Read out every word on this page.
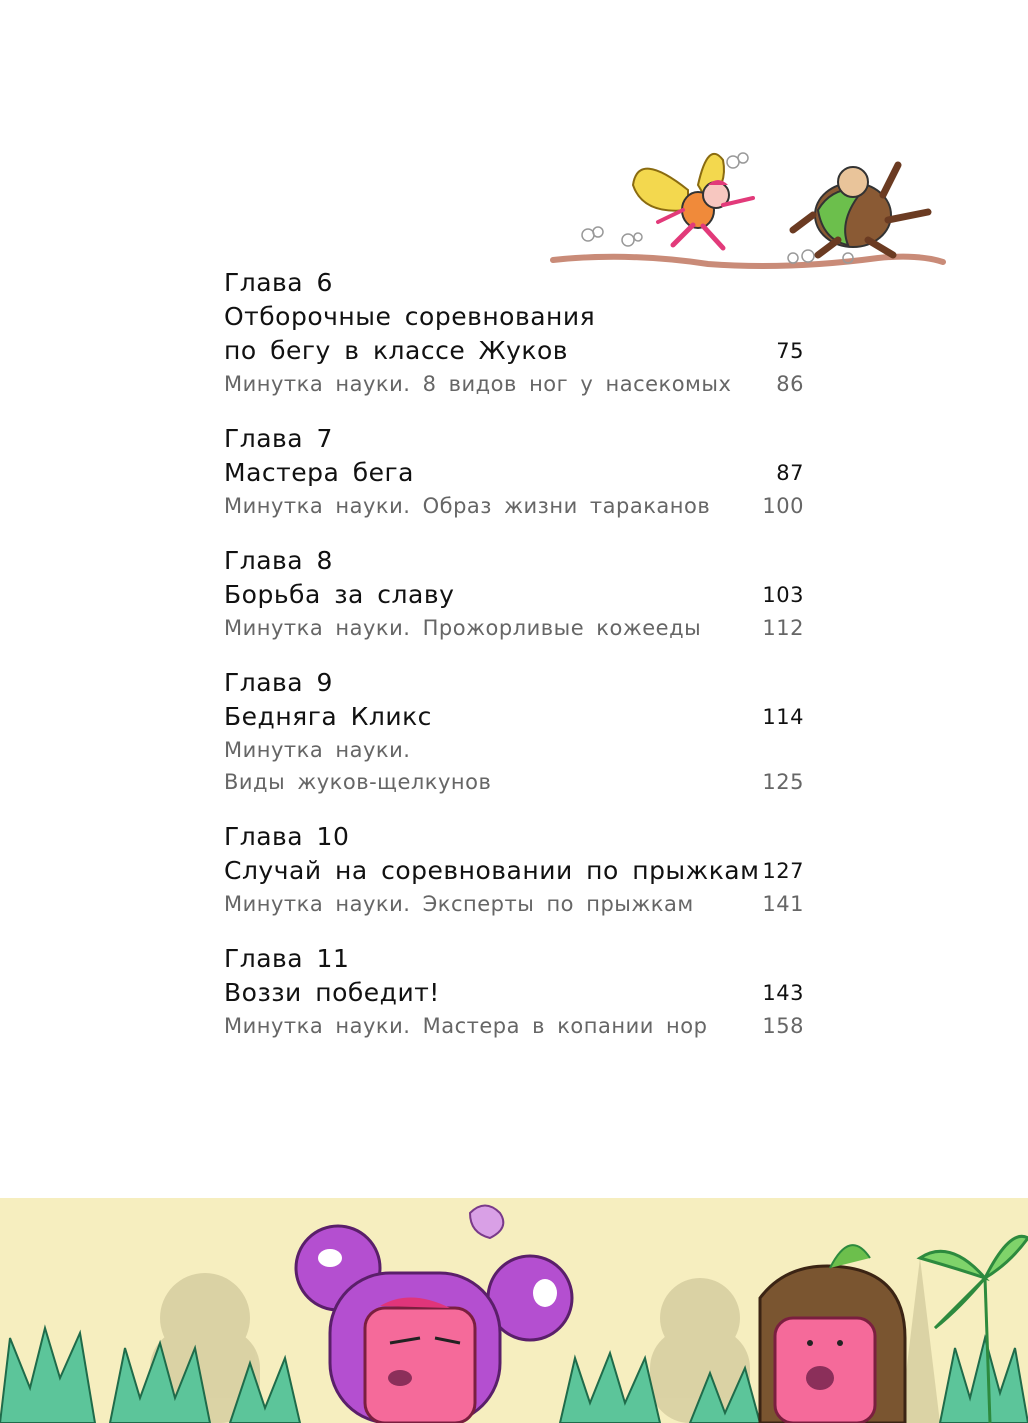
Глава 6
Отборочные соревнования
по бегу в классе Жуков	75
Минутка науки. 8 видов ног у насекомых 86
Глава 7
Мастера бега	87
Минутка науки. Образ жизни тараканов 100
Глава 8
Борьба за славу	103
Минутка науки. Прожорливые кожееды	112
Глава 9
Бедняга Кликс	114
Минутка науки.
Виды жуков-щелкунов	125
Глава 10
Случай на соревновании по прыжкам 127
Минутка науки. Эксперты по прыжкам	141
Глава 11
Воззи победит!	143
Минутка науки. Мастера в копании нор	158
